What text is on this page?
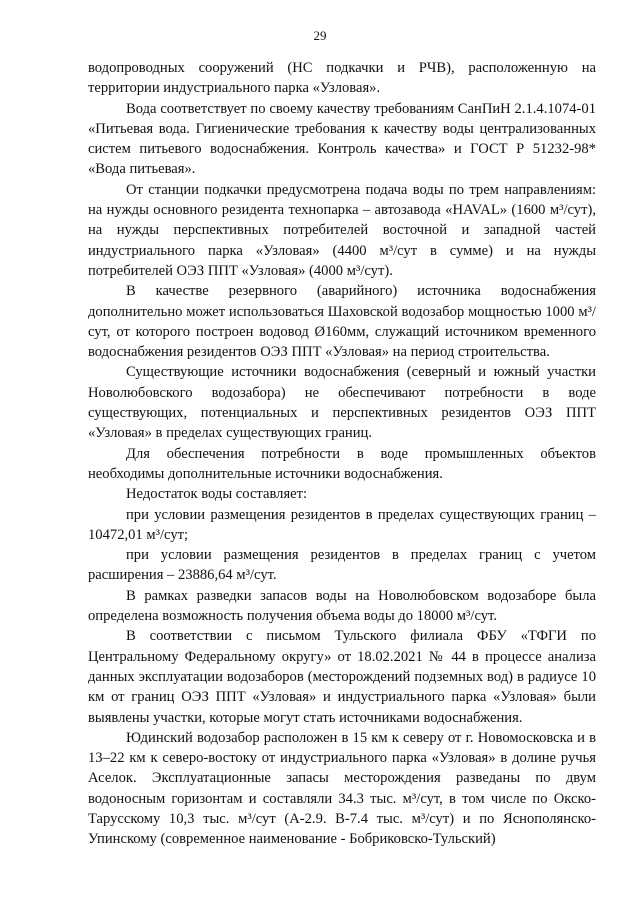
29

водопроводных сооружений (НС подкачки и РЧВ), расположенную на территории индустриального парка «Узловая».

Вода соответствует по своему качеству требованиям СанПиН 2.1.4.1074-01 «Питьевая вода. Гигиенические требования к качеству воды централизованных систем питьевого водоснабжения. Контроль качества» и ГОСТ Р 51232-98* «Вода питьевая».

От станции подкачки предусмотрена подача воды по трем направлениям: на нужды основного резидента технопарка – автозавода «HAVAL» (1600 м³/сут), на нужды перспективных потребителей восточной и западной частей индустриального парка «Узловая» (4400 м³/сут в сумме) и на нужды потребителей ОЭЗ ППТ «Узловая» (4000 м³/сут).

В качестве резервного (аварийного) источника водоснабжения дополнительно может использоваться Шаховской водозабор мощностью 1000 м³/сут, от которого построен водовод Ø160мм, служащий источником временного водоснабжения резидентов ОЭЗ ППТ «Узловая» на период строительства.

Существующие источники водоснабжения (северный и южный участки Новолюбовского водозабора) не обеспечивают потребности в воде существующих, потенциальных и перспективных резидентов ОЭЗ ППТ «Узловая» в пределах существующих границ.

Для обеспечения потребности в воде промышленных объектов необходимы дополнительные источники водоснабжения.

Недостаток воды составляет:

при условии размещения резидентов в пределах существующих границ – 10472,01 м³/сут;

при условии размещения резидентов в пределах границ с учетом расширения – 23886,64 м³/сут.

В рамках разведки запасов воды на Новолюбовском водозаборе была определена возможность получения объема воды до 18000 м³/сут.

В соответствии с письмом Тульского филиала ФБУ «ТФГИ по Центральному Федеральному округу» от 18.02.2021 № 44 в процессе анализа данных эксплуатации водозаборов (месторождений подземных вод) в радиусе 10 км от границ ОЭЗ ППТ «Узловая» и индустриального парка «Узловая» были выявлены участки, которые могут стать источниками водоснабжения.

Юдинский водозабор расположен в 15 км к северу от г. Новомосковска и в 13–22 км к северо-востоку от индустриального парка «Узловая» в долине ручья Аселок. Эксплуатационные запасы месторождения разведаны по двум водоносным горизонтам и составляли 34.3 тыс. м³/сут, в том числе по Окско-Тарусскому 10,3 тыс. м³/сут (А-2.9. В-7.4 тыс. м³/сут) и по Яснополянско-Упинскому (современное наименование - Бобриковско-Тульский)
